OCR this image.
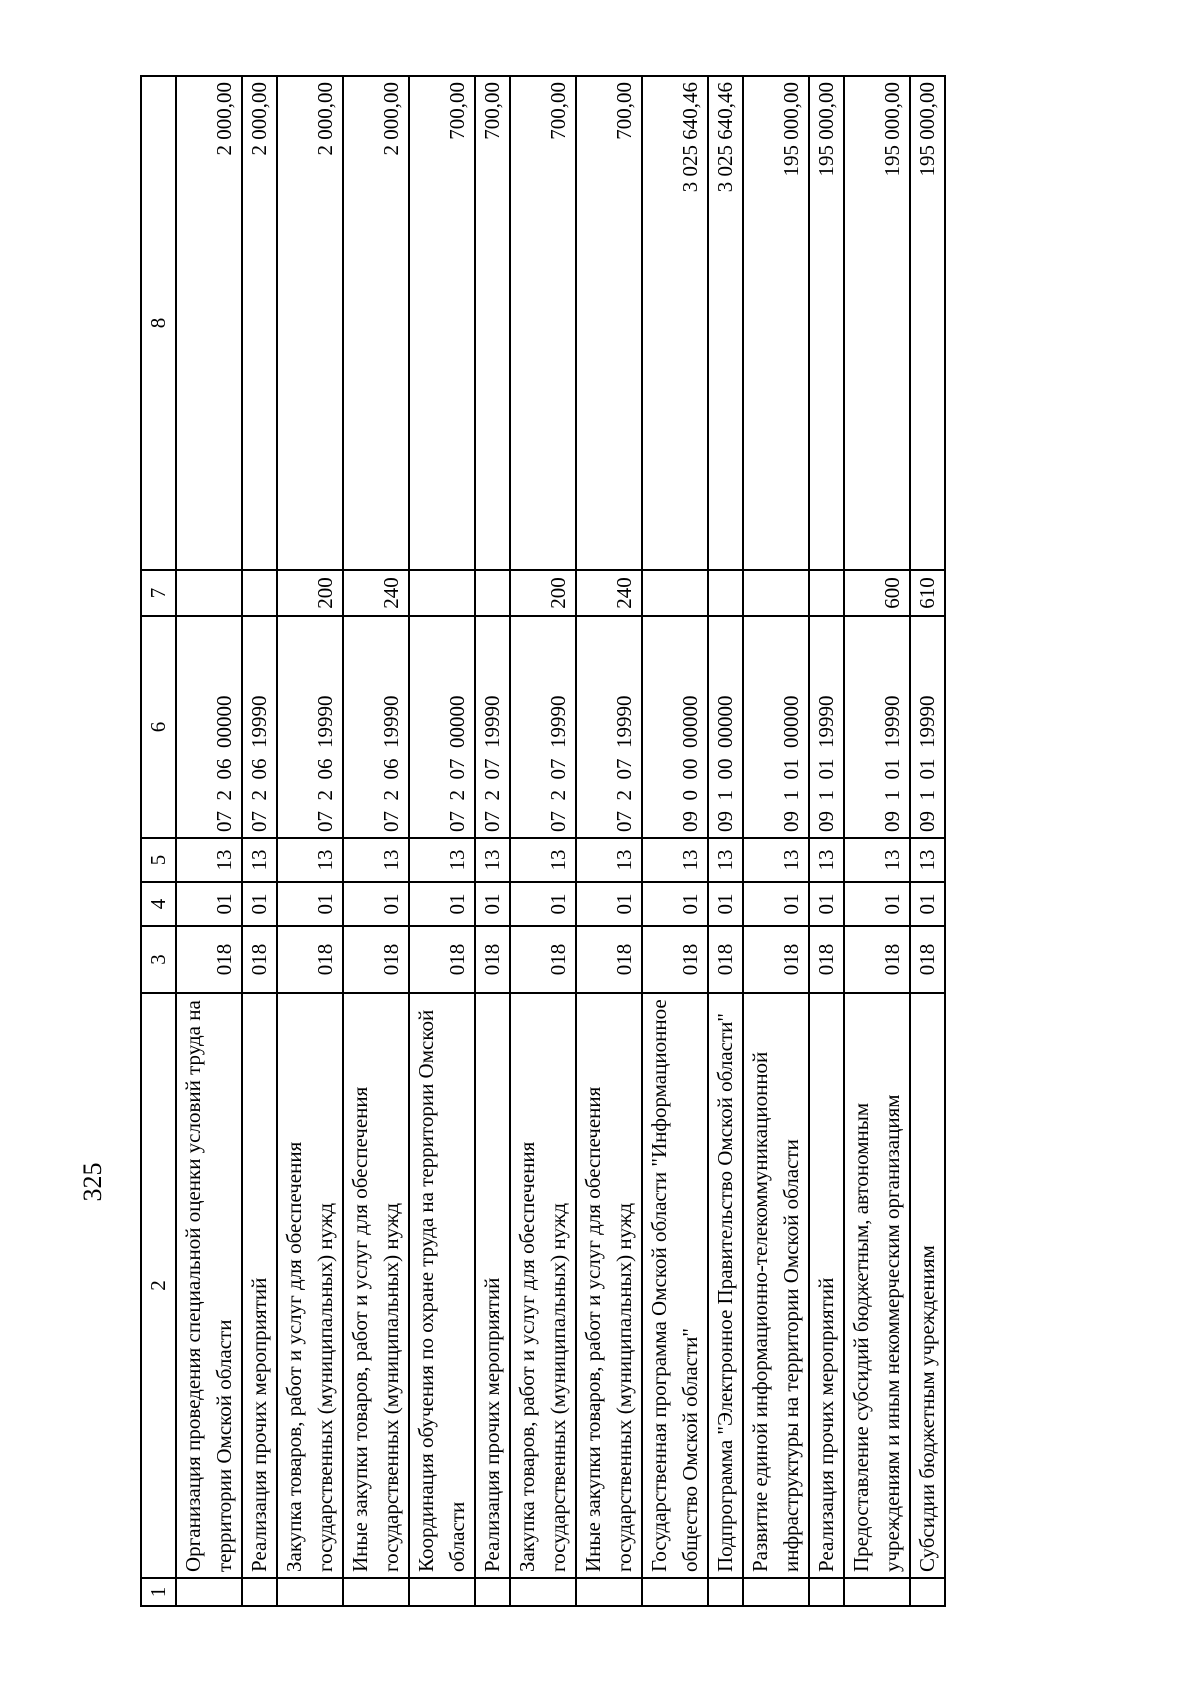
325
1	2	3	4	5	6	7	8
	Организация проведения специальной оценки условий труда на территории Омской области	018	01	13	07  2  06  00000		2 000,00
	Реализация прочих мероприятий	018	01	13	07  2  06  19990		2 000,00
	Закупка товаров, работ и услуг для обеспечения государственных (муниципальных) нужд	018	01	13	07  2  06  19990	200	2 000,00
	Иные закупки товаров, работ и услуг для обеспечения государственных (муниципальных) нужд	018	01	13	07  2  06  19990	240	2 000,00
	Координация обучения по охране труда на территории Омской области	018	01	13	07  2  07  00000		700,00
	Реализация прочих мероприятий	018	01	13	07  2  07  19990		700,00
	Закупка товаров, работ и услуг для обеспечения государственных (муниципальных) нужд	018	01	13	07  2  07  19990	200	700,00
	Иные закупки товаров, работ и услуг для обеспечения государственных (муниципальных) нужд	018	01	13	07  2  07  19990	240	700,00
	Государственная программа Омской области "Информационное общество Омской области"	018	01	13	09  0  00  00000		3 025 640,46
	Подпрограмма "Электронное Правительство Омской области"	018	01	13	09  1  00  00000		3 025 640,46
	Развитие единой информационно-телекоммуникационной инфраструктуры на территории Омской области	018	01	13	09  1  01  00000		195 000,00
	Реализация прочих мероприятий	018	01	13	09  1  01  19990		195 000,00
	Предоставление субсидий бюджетным, автономным учреждениям и иным некоммерческим организациям	018	01	13	09  1  01  19990	600	195 000,00
	Субсидии бюджетным учреждениям	018	01	13	09  1  01  19990	610	195 000,00
